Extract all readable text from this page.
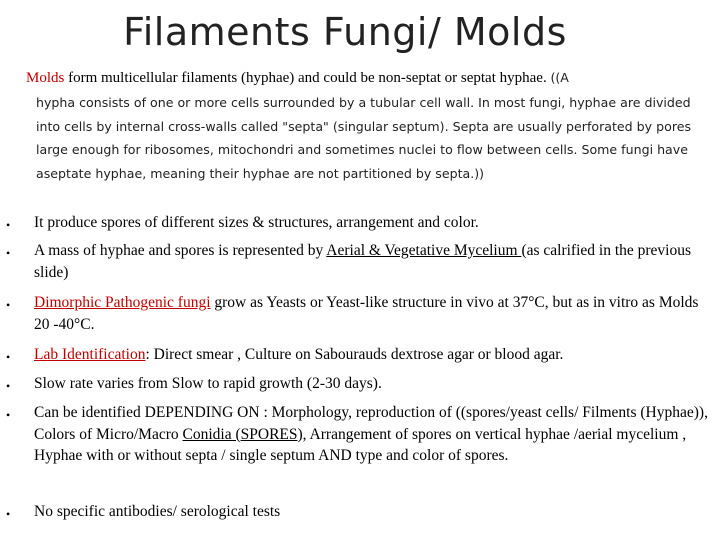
Filaments Fungi/ Molds
Molds form multicellular filaments (hyphae) and could be non-septat or septat hyphae. ((A
hypha consists of one or more cells surrounded by a tubular cell wall. In most fungi, hyphae are divided into cells by internal cross-walls called "septa" (singular septum). Septa are usually perforated by pores large enough for ribosomes, mitochondri and sometimes nuclei to flow between cells. Some fungi have aseptate hyphae, meaning their hyphae are not partitioned by septa.))
• It produce spores of different sizes & structures, arrangement and color.
• A mass of hyphae and spores is represented by Aerial & Vegetative Mycelium (as calrified in the previous slide)
• Dimorphic Pathogenic fungi grow as Yeasts or Yeast-like structure in vivo at 37°C, but as in vitro as Molds 20 -40°C.
• Lab Identification: Direct smear , Culture on Sabourauds dextrose agar or blood agar.
• Slow rate varies from Slow to rapid growth (2-30 days).
• Can be identified DEPENDING ON : Morphology, reproduction of ((spores/yeast cells/ Filments (Hyphae)), Colors of Micro/Macro Conidia (SPORES), Arrangement of spores on vertical hyphae /aerial mycelium , Hyphae with or without septa / single septum AND type and color of spores.
• No specific antibodies/ serological tests
